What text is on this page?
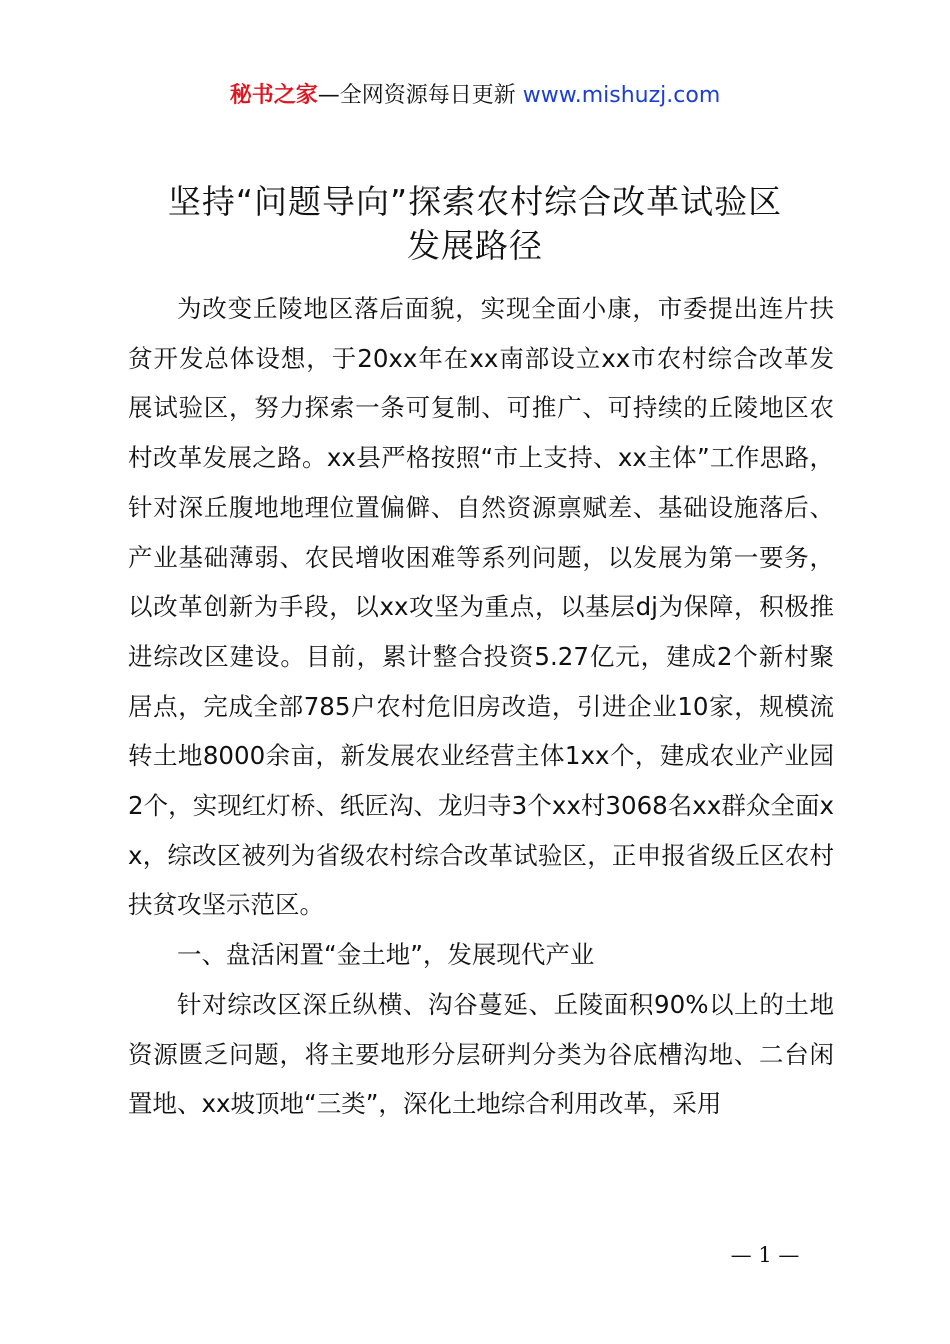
秘书之家—全网资源每日更新 www.mishuzj.com
坚持“问题导向”探索农村综合改革试验区
发展路径

为改变丘陵地区落后面貌，实现全面小康，市委提出连片扶贫开发总体设想，于20xx年在xx南部设立xx市农村综合改革发展试验区，努力探索一条可复制、可推广、可持续的丘陵地区农村改革发展之路。xx县严格按照“市上支持、xx主体”工作思路，针对深丘腹地地理位置偏僻、自然资源禀赋差、基础设施落后、产业基础薄弱、农民增收困难等系列问题，以发展为第一要务，以改革创新为手段，以xx攻坚为重点，以基层dj为保障，积极推进综改区建设。目前，累计整合投资5.27亿元，建成2个新村聚居点，完成全部785户农村危旧房改造，引进企业10家，规模流转土地8000余亩，新发展农业经营主体1xx个，建成农业产业园2个，实现红灯桥、纸匠沟、龙归寺3个xx村3068名xx群众全面xx，综改区被列为省级农村综合改革试验区，正申报省级丘区农村扶贫攻坚示范区。

一、盘活闲置“金土地”，发展现代产业

针对综改区深丘纵横、沟谷蔓延、丘陵面积90%以上的土地资源匮乏问题，将主要地形分层研判分类为谷底槽沟地、二台闲置地、xx坡顶地“三类”，深化土地综合利用改革，采用

— 1 —
